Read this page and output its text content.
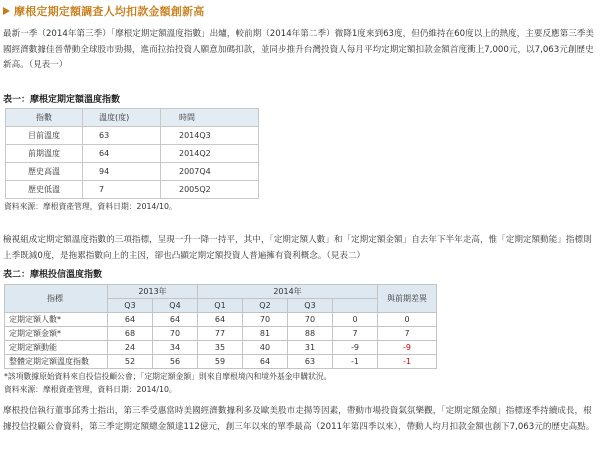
摩根定期定額調查人均扣款金額創新高
最新一季（2014年第三季）「摩根定期定額溫度指數」出爐，較前期（2014年第二季）微降1度來到63度，但仍維持在60度以上的熱度，主要反應第三季美國經濟數據佳晉帶動全球股市勁揚，進而拉抬投資人願意加碼扣款，並同步推升台灣投資人每月平均定期定額扣款金額首度衝上7,000元，以7,063元創歷史新高。（見表一）
表一：摩根定期定額溫度指數
指數	溫度(度)	時間
目前溫度	63	2014Q3
前期溫度	64	2014Q2
歷史高溫	94	2007Q4
歷史低溫	7	2005Q2
資料來源：摩根資產管理，資料日期：2014/10。
檢視組成定期定額溫度指數的三項指標，呈現一升一降一持平，其中，「定期定額人數」和「定期定額金額」自去年下半年走高，惟「定期定額動能」指標則上季既減0度，是拖累指數向上的主因，卻也凸顯定期定額投資人普遍擁有資利概念。（見表二）
表二：摩根投信溫度指數
指標	2013年		2014年				與前期差異
	Q3	Q4	Q1	Q2	Q3		
定期定額人數*	64	64	64	70	70	0	0
定期定額金額*	68	70	77	81	88	7	7
定期定額動能	24	34	35	40	31	-9	-9
整體定期定額溫度指數	52	56	59	64	63	-1	-1
*該項數據原始資料來自投信投顧公會；「定期定額金額」則來自摩根境內和境外基金申購狀況。
資料來源：摩根資產管理，資料日期：2014/10。
摩根投信執行董事邱秀士指出，第三季受惠當時美國經濟數據利多及歐美股市走揚等因素，帶動市場投資氣氛樂觀，「定期定額金額」指標逐季持續成長，根據投信投顧公會資料，第三季定期定額總金額達112億元，創三年以來的單季最高（2011年第四季以來），帶動人均月扣款金額也創下7,063元的歷史高點。
